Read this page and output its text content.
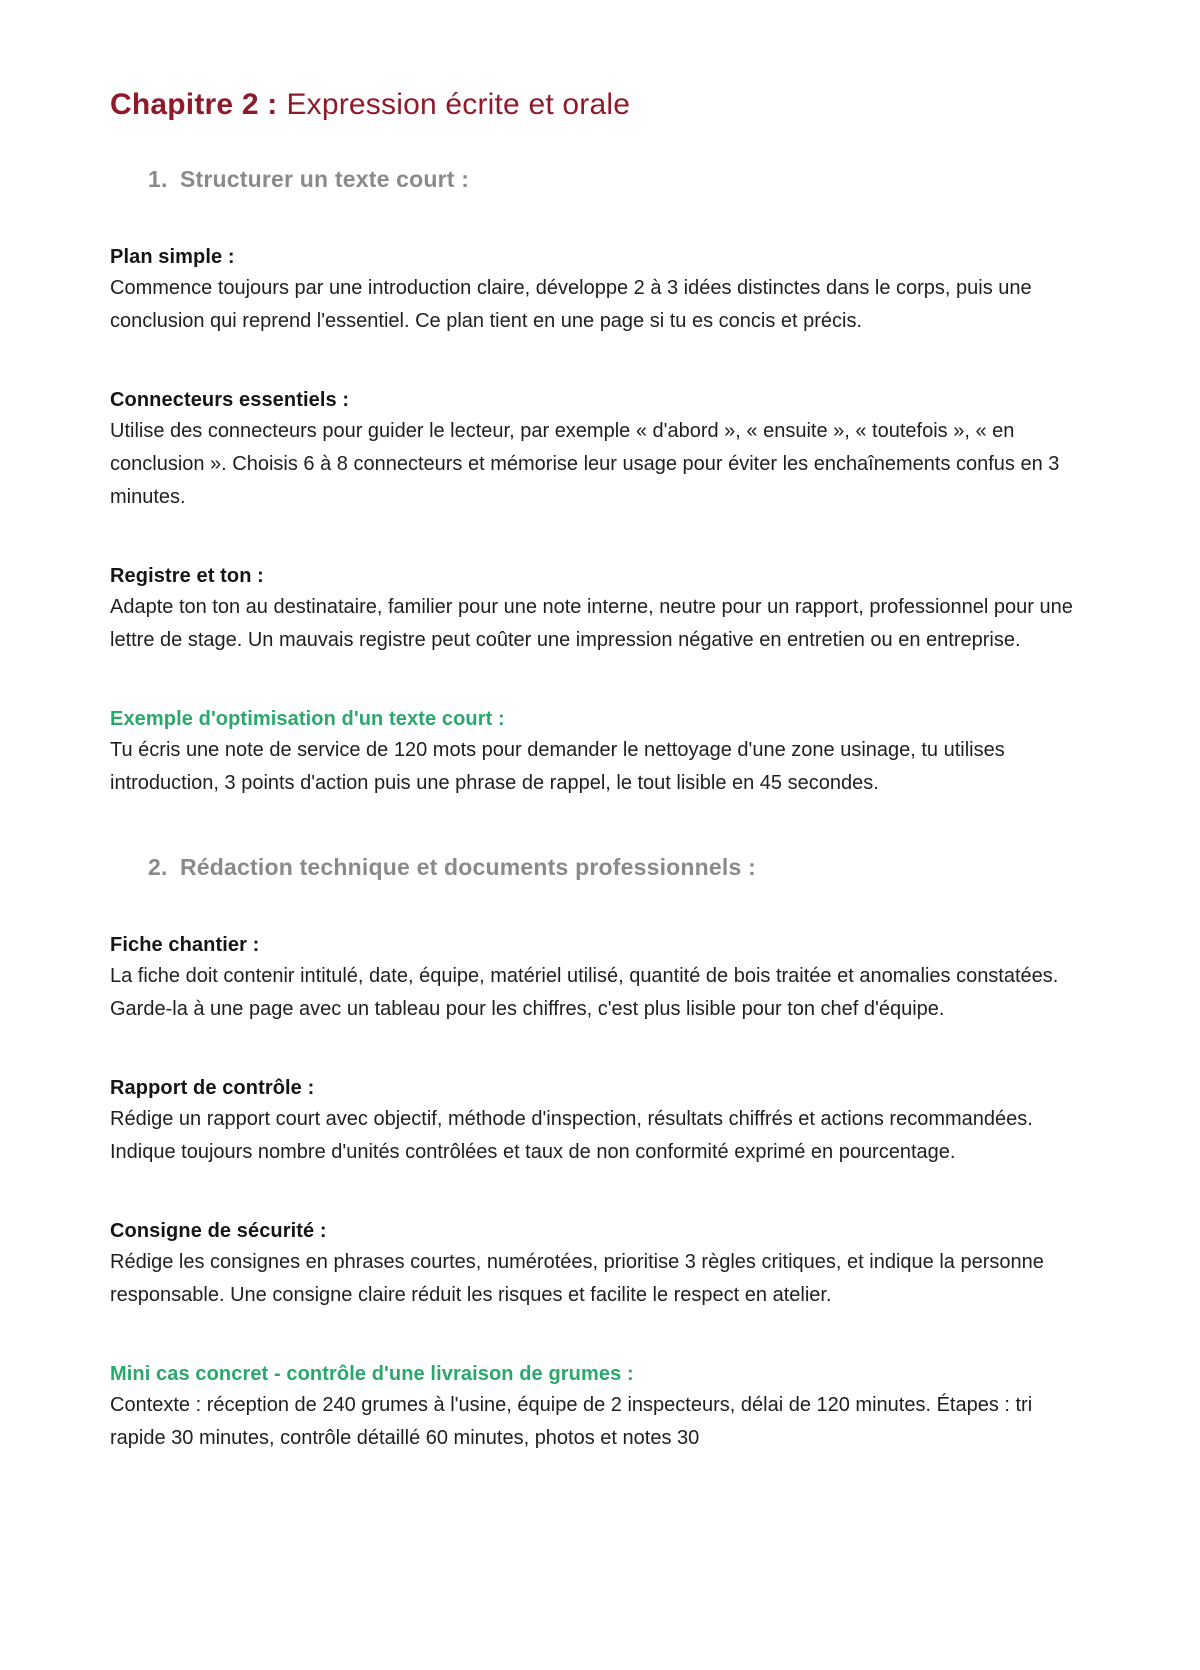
Chapitre 2 : Expression écrite et orale
1. Structurer un texte court :
Plan simple :

Commence toujours par une introduction claire, développe 2 à 3 idées distinctes dans le corps, puis une conclusion qui reprend l'essentiel. Ce plan tient en une page si tu es concis et précis.

Connecteurs essentiels :

Utilise des connecteurs pour guider le lecteur, par exemple « d'abord », « ensuite », « toutefois », « en conclusion ». Choisis 6 à 8 connecteurs et mémorise leur usage pour éviter les enchaînements confus en 3 minutes.

Registre et ton :

Adapte ton ton au destinataire, familier pour une note interne, neutre pour un rapport, professionnel pour une lettre de stage. Un mauvais registre peut coûter une impression négative en entretien ou en entreprise.

Exemple d'optimisation d'un texte court :

Tu écris une note de service de 120 mots pour demander le nettoyage d'une zone usinage, tu utilises introduction, 3 points d'action puis une phrase de rappel, le tout lisible en 45 secondes.

2. Rédaction technique et documents professionnels :
Fiche chantier :

La fiche doit contenir intitulé, date, équipe, matériel utilisé, quantité de bois traitée et anomalies constatées. Garde-la à une page avec un tableau pour les chiffres, c'est plus lisible pour ton chef d'équipe.

Rapport de contrôle :

Rédige un rapport court avec objectif, méthode d'inspection, résultats chiffrés et actions recommandées. Indique toujours nombre d'unités contrôlées et taux de non conformité exprimé en pourcentage.

Consigne de sécurité :

Rédige les consignes en phrases courtes, numérotées, prioritise 3 règles critiques, et indique la personne responsable. Une consigne claire réduit les risques et facilite le respect en atelier.

Mini cas concret - contrôle d'une livraison de grumes :

Contexte : réception de 240 grumes à l'usine, équipe de 2 inspecteurs, délai de 120 minutes. Étapes : tri rapide 30 minutes, contrôle détaillé 60 minutes, photos et notes 30
